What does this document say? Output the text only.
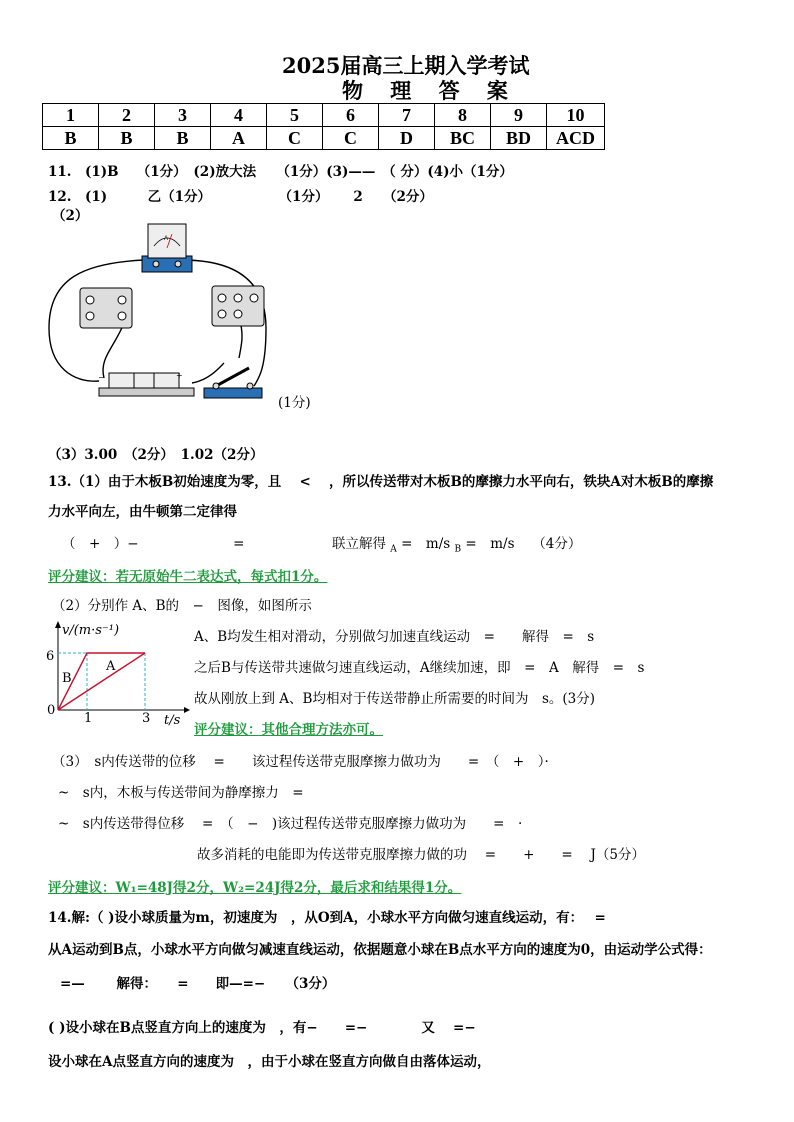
2025届高三上期入学考试
物 理 答 案
1	2	3	4	5	6	7	8	9	10
B	B	B	A	C	C	D	BC	BD	ACD
11.　(1)B　 （1分）　(2)放大法　　（1分）(3)——　（ 分）(4)小（1分）
12.　(1)　　　乙（1分）　　　　　　（1分）　　 2　　（2分）
（2）
A
−	+
(1分)
（3）3.00　（2分）　1.02（2分）
13.（1）由于木板B初始速度为零，且　 <　 ，所以传送带对木板B的摩擦力水平向右，铁块A对木板B的摩擦
力水平向左，由牛顿第二定律得
（　+　）−　　　　　　　=	联立解得 $_A$ =　m/s $_B$ =　m/s　 （4分）
评分建议：若无原始牛二表达式，每式扣1分。
（2）分别作 A、B的　−　图像，如图所示
v/(m·s⁻¹)
6
0
1	3 t/s
A
B
A、B均发生相对滑动，分别做匀加速直线运动　=　　解得　=　s
之后B与传送带共速做匀速直线运动，A继续加速，即　=　A　解得　=　s
故从刚放上到 A、B均相对于传送带静止所需要的时间为　s。(3分)
评分建议：其他合理方法亦可。
（3）　s内传送带的位移　 =　　该过程传送带克服摩擦力做功为　　=　（　+　）·
~　s内，木板与传送带间为静摩擦力　=
~　s内传送带得位移　 =　（　−　)该过程传送带克服摩擦力做功为　　=　·
故多消耗的电能即为传送带克服摩擦力做的功　 =　　+　　=　 J（5分）
评分建议：W₁=48J得2分，W₂=24J得2分，最后求和结果得1分。
14.解:（ )设小球质量为m，初速度为　，从O到A，小球水平方向做匀速直线运动，有：　 =
从A运动到B点，小球水平方向做匀减速直线运动，依据题意小球在B点水平方向的速度为0，由运动学公式得：
=—　　 解得：　　=　　即—=−　　（3分）
( )设小球在B点竖直方向上的速度为　，有−　　=−　　　　又　 =−
设小球在A点竖直方向的速度为　，由于小球在竖直方向做自由落体运动，
